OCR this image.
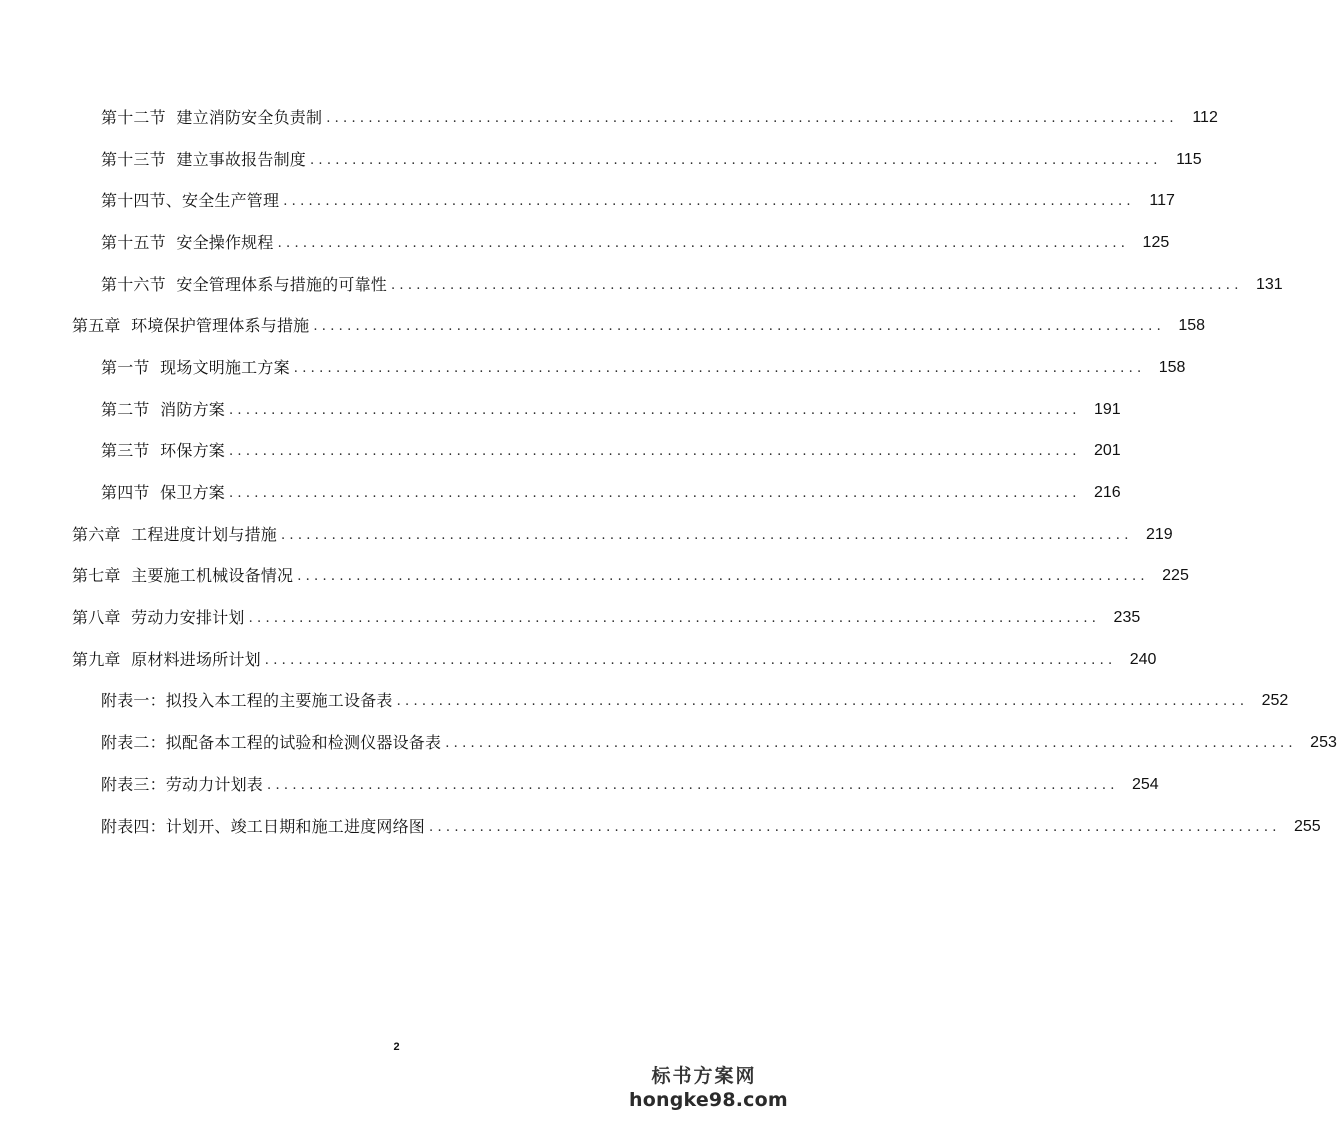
第十二节  建立消防安全负责制 ..................................................................................................... 112
第十三节  建立事故报告制度 ..................................................................................................... 115
第十四节、安全生产管理 ..................................................................................................... 117
第十五节  安全操作规程 ..................................................................................................... 125
第十六节  安全管理体系与措施的可靠性 ..................................................................................................... 131
第五章  环境保护管理体系与措施 ..................................................................................................... 158
第一节  现场文明施工方案 ..................................................................................................... 158
第二节  消防方案 ..................................................................................................... 191
第三节  环保方案 ..................................................................................................... 201
第四节  保卫方案 ..................................................................................................... 216
第六章  工程进度计划与措施 ..................................................................................................... 219
第七章  主要施工机械设备情况 ..................................................................................................... 225
第八章  劳动力安排计划 ..................................................................................................... 235
第九章  原材料进场所计划 ..................................................................................................... 240
附表一：拟投入本工程的主要施工设备表 ..................................................................................................... 252
附表二：拟配备本工程的试验和检测仪器设备表 ..................................................................................................... 253
附表三：劳动力计划表 ..................................................................................................... 254
附表四：计划开、竣工日期和施工进度网络图 ..................................................................................................... 255
2
标书方案网
hongke98.com
